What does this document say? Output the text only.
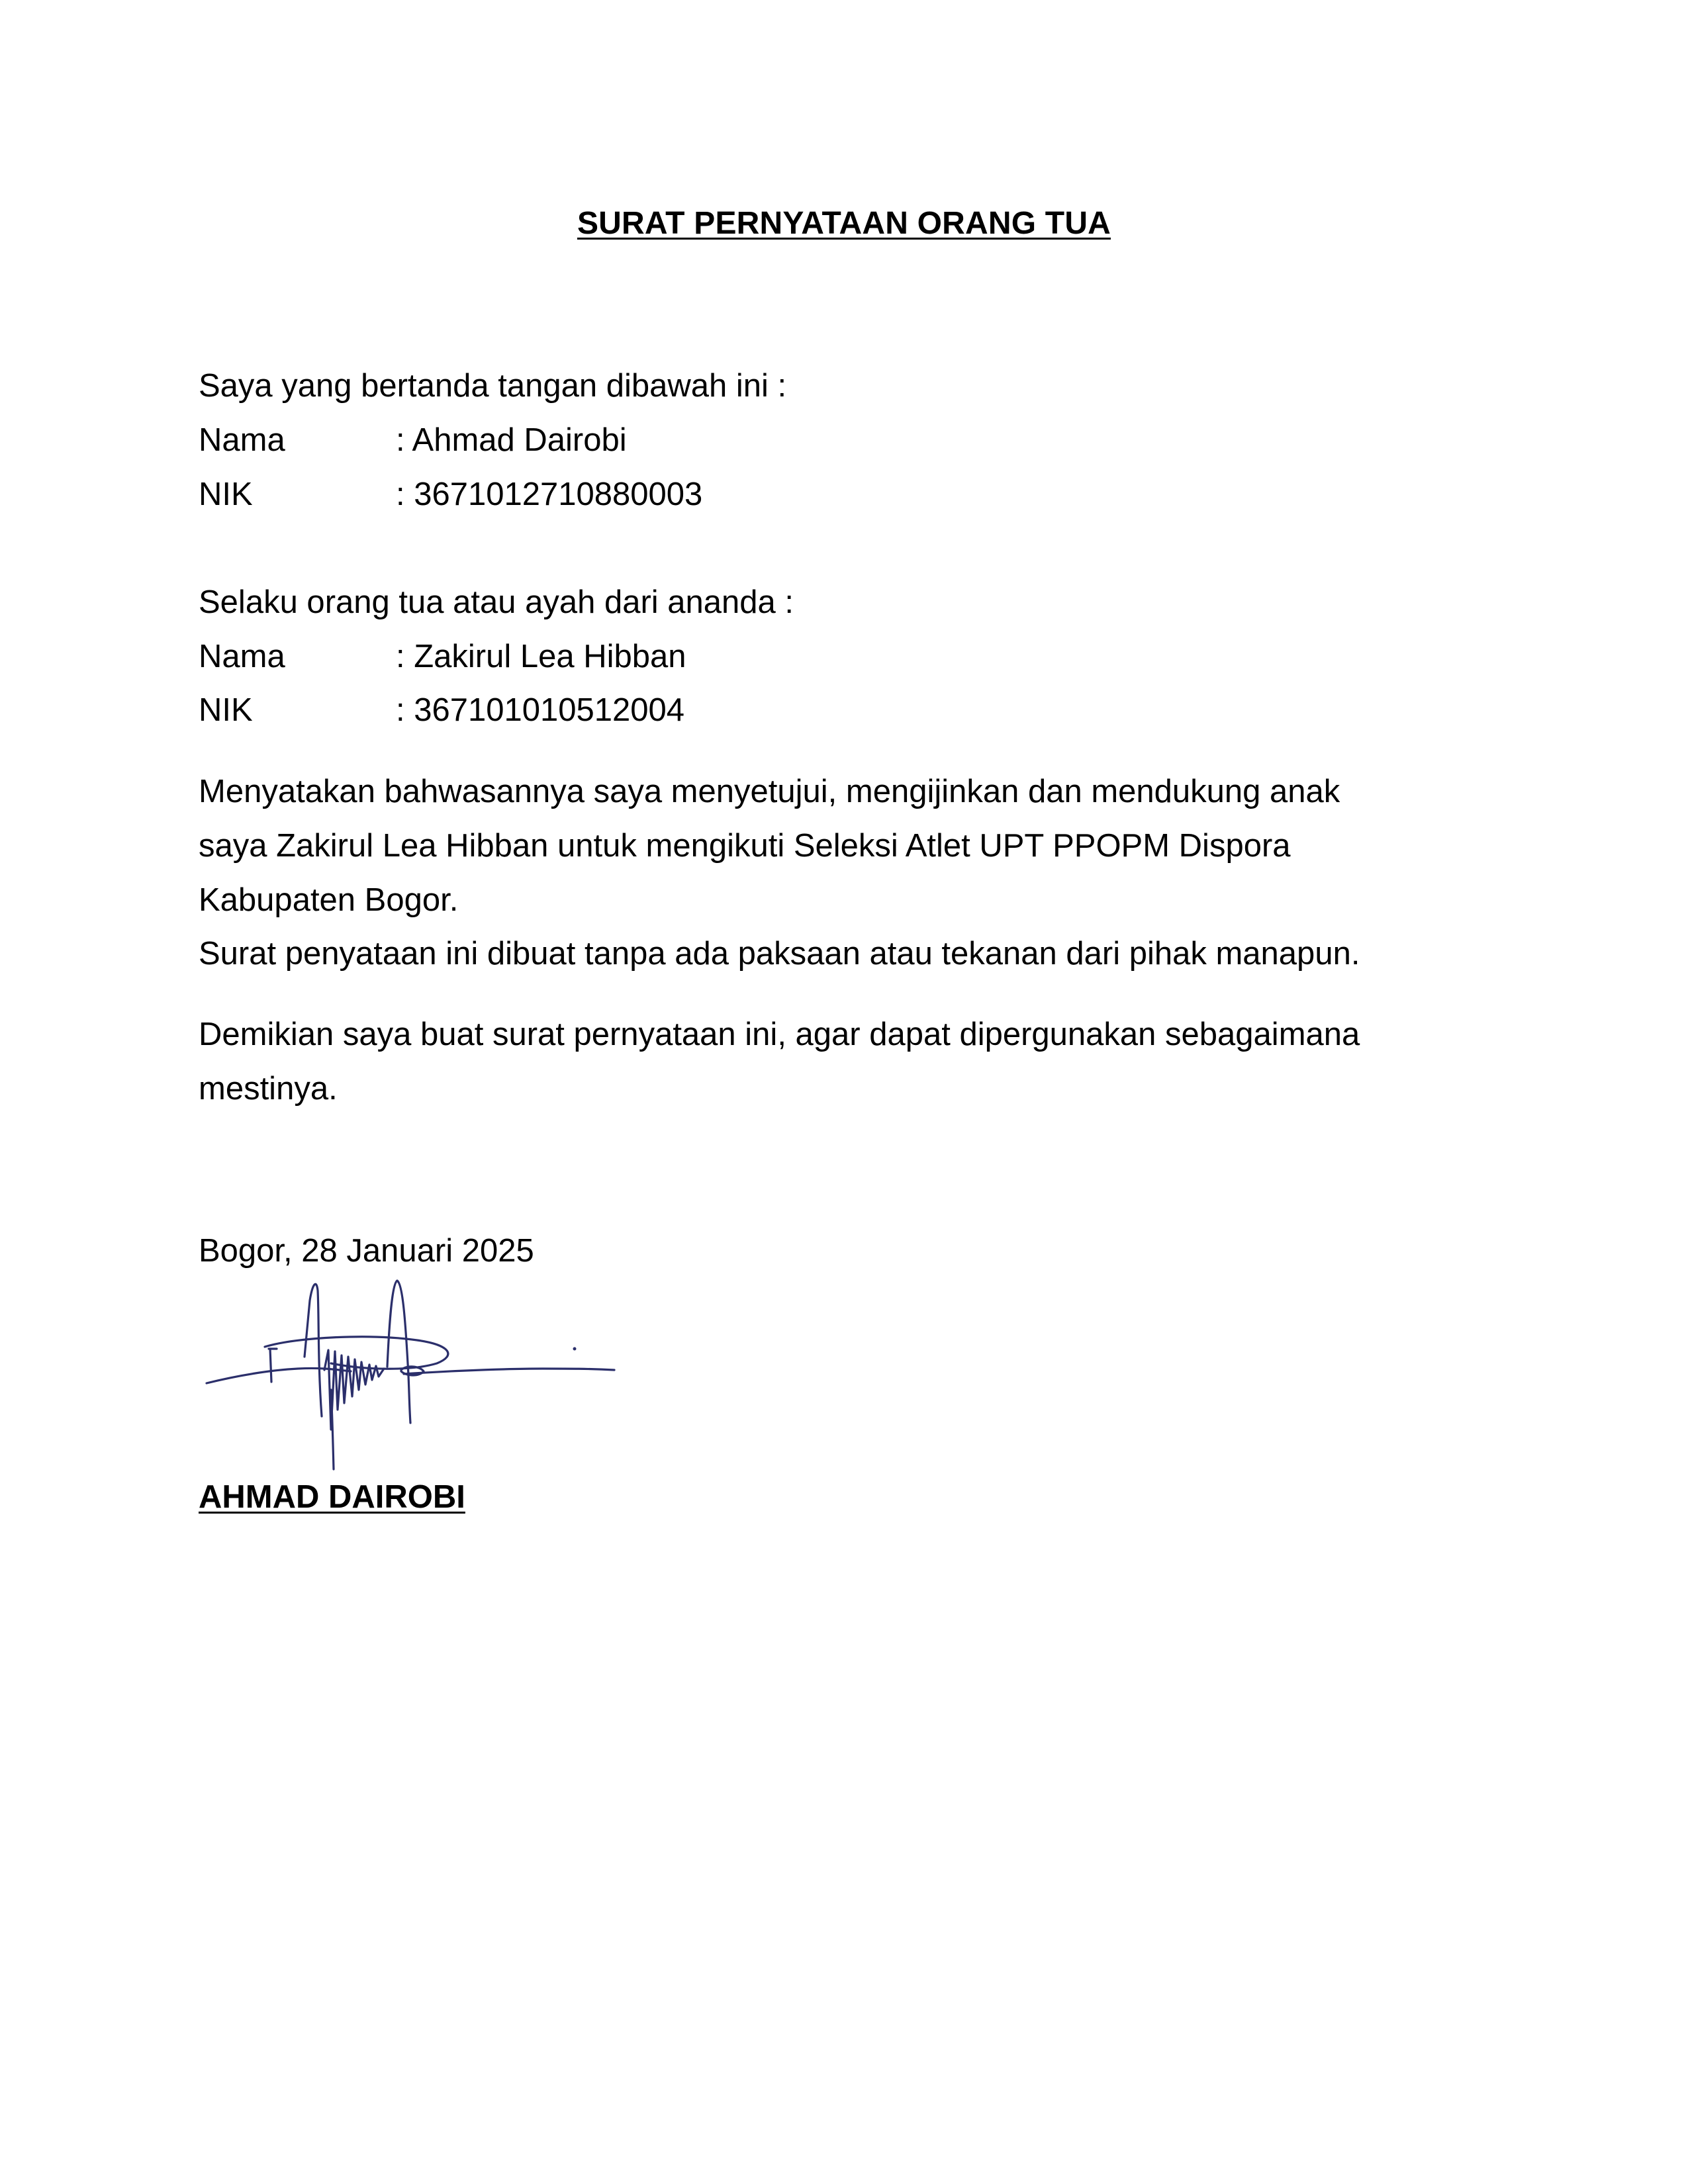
SURAT PERNYATAAN ORANG TUA
Saya yang bertanda tangan dibawah ini :
Nama	: Ahmad Dairobi
NIK	: 3671012710880003
Selaku orang tua atau ayah dari ananda :
Nama	: Zakirul Lea Hibban
NIK	: 367101010512004
Menyatakan bahwasannya saya menyetujui, mengijinkan dan mendukung anak
saya Zakirul Lea Hibban untuk mengikuti Seleksi Atlet UPT PPOPM Dispora
Kabupaten Bogor.
Surat penyataan ini dibuat tanpa ada paksaan atau tekanan dari pihak manapun.
Demikian saya buat surat pernyataan ini, agar dapat dipergunakan sebagaimana
mestinya.
Bogor, 28 Januari 2025
AHMAD DAIROBI
